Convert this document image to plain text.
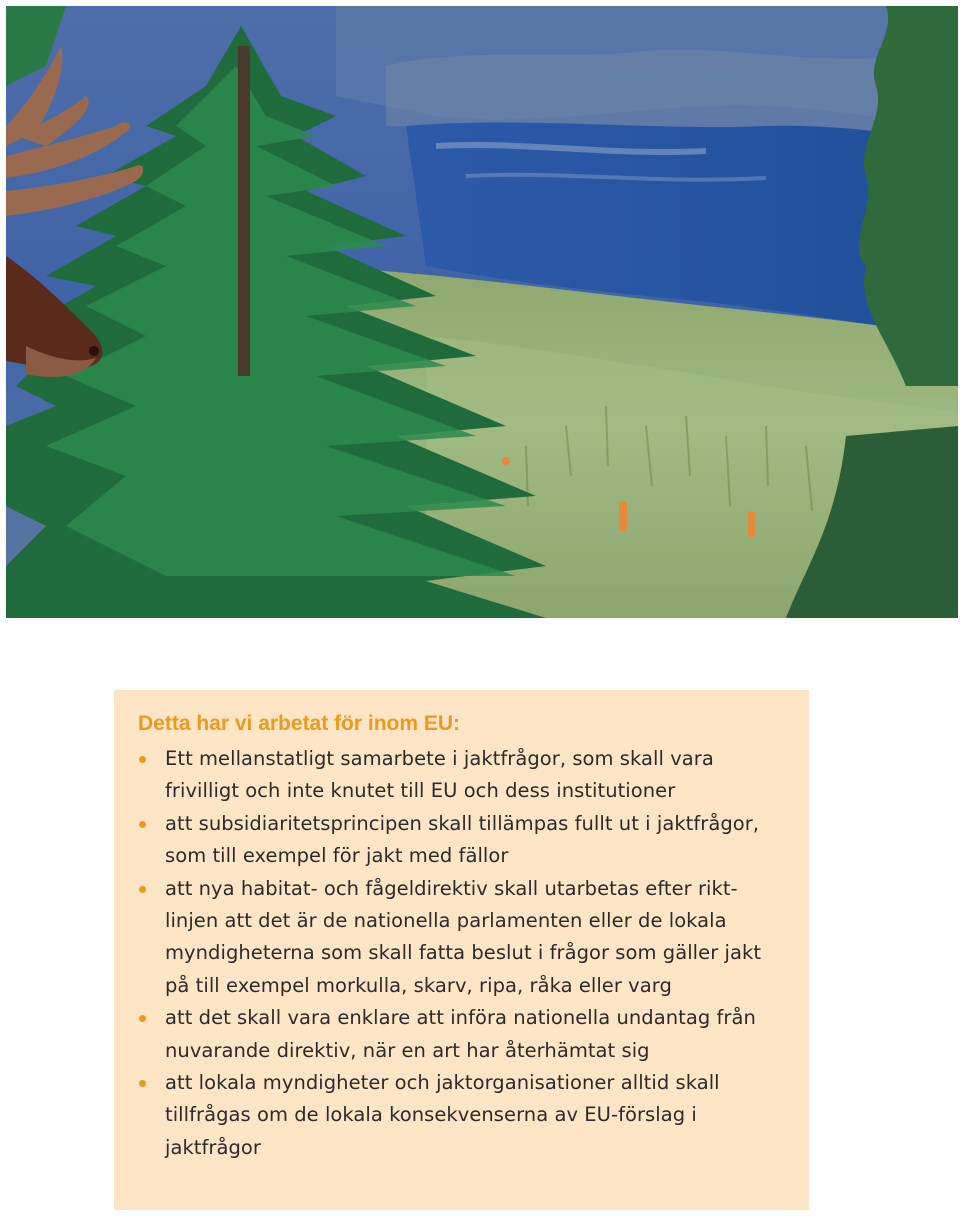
Detta har vi arbetat för inom EU:
Ett mellanstatligt samarbete i jaktfrågor, som skall vara frivilligt och inte knutet till EU och dess institutioner
att subsidiaritetsprincipen skall tillämpas fullt ut i jaktfrågor, som till exempel för jakt med fällor
att nya habitat- och fågeldirektiv skall utarbetas efter rikt-linjen att det är de nationella parlamenten eller de lokala myndigheterna som skall fatta beslut i frågor som gäller jakt på till exempel morkulla, skarv, ripa, råka eller varg
att det skall vara enklare att införa nationella undantag från nuvarande direktiv, när en art har återhämtat sig
att lokala myndigheter och jaktorganisationer alltid skall tillfrågas om de lokala konsekvenserna av EU-förslag i jaktfrågor
